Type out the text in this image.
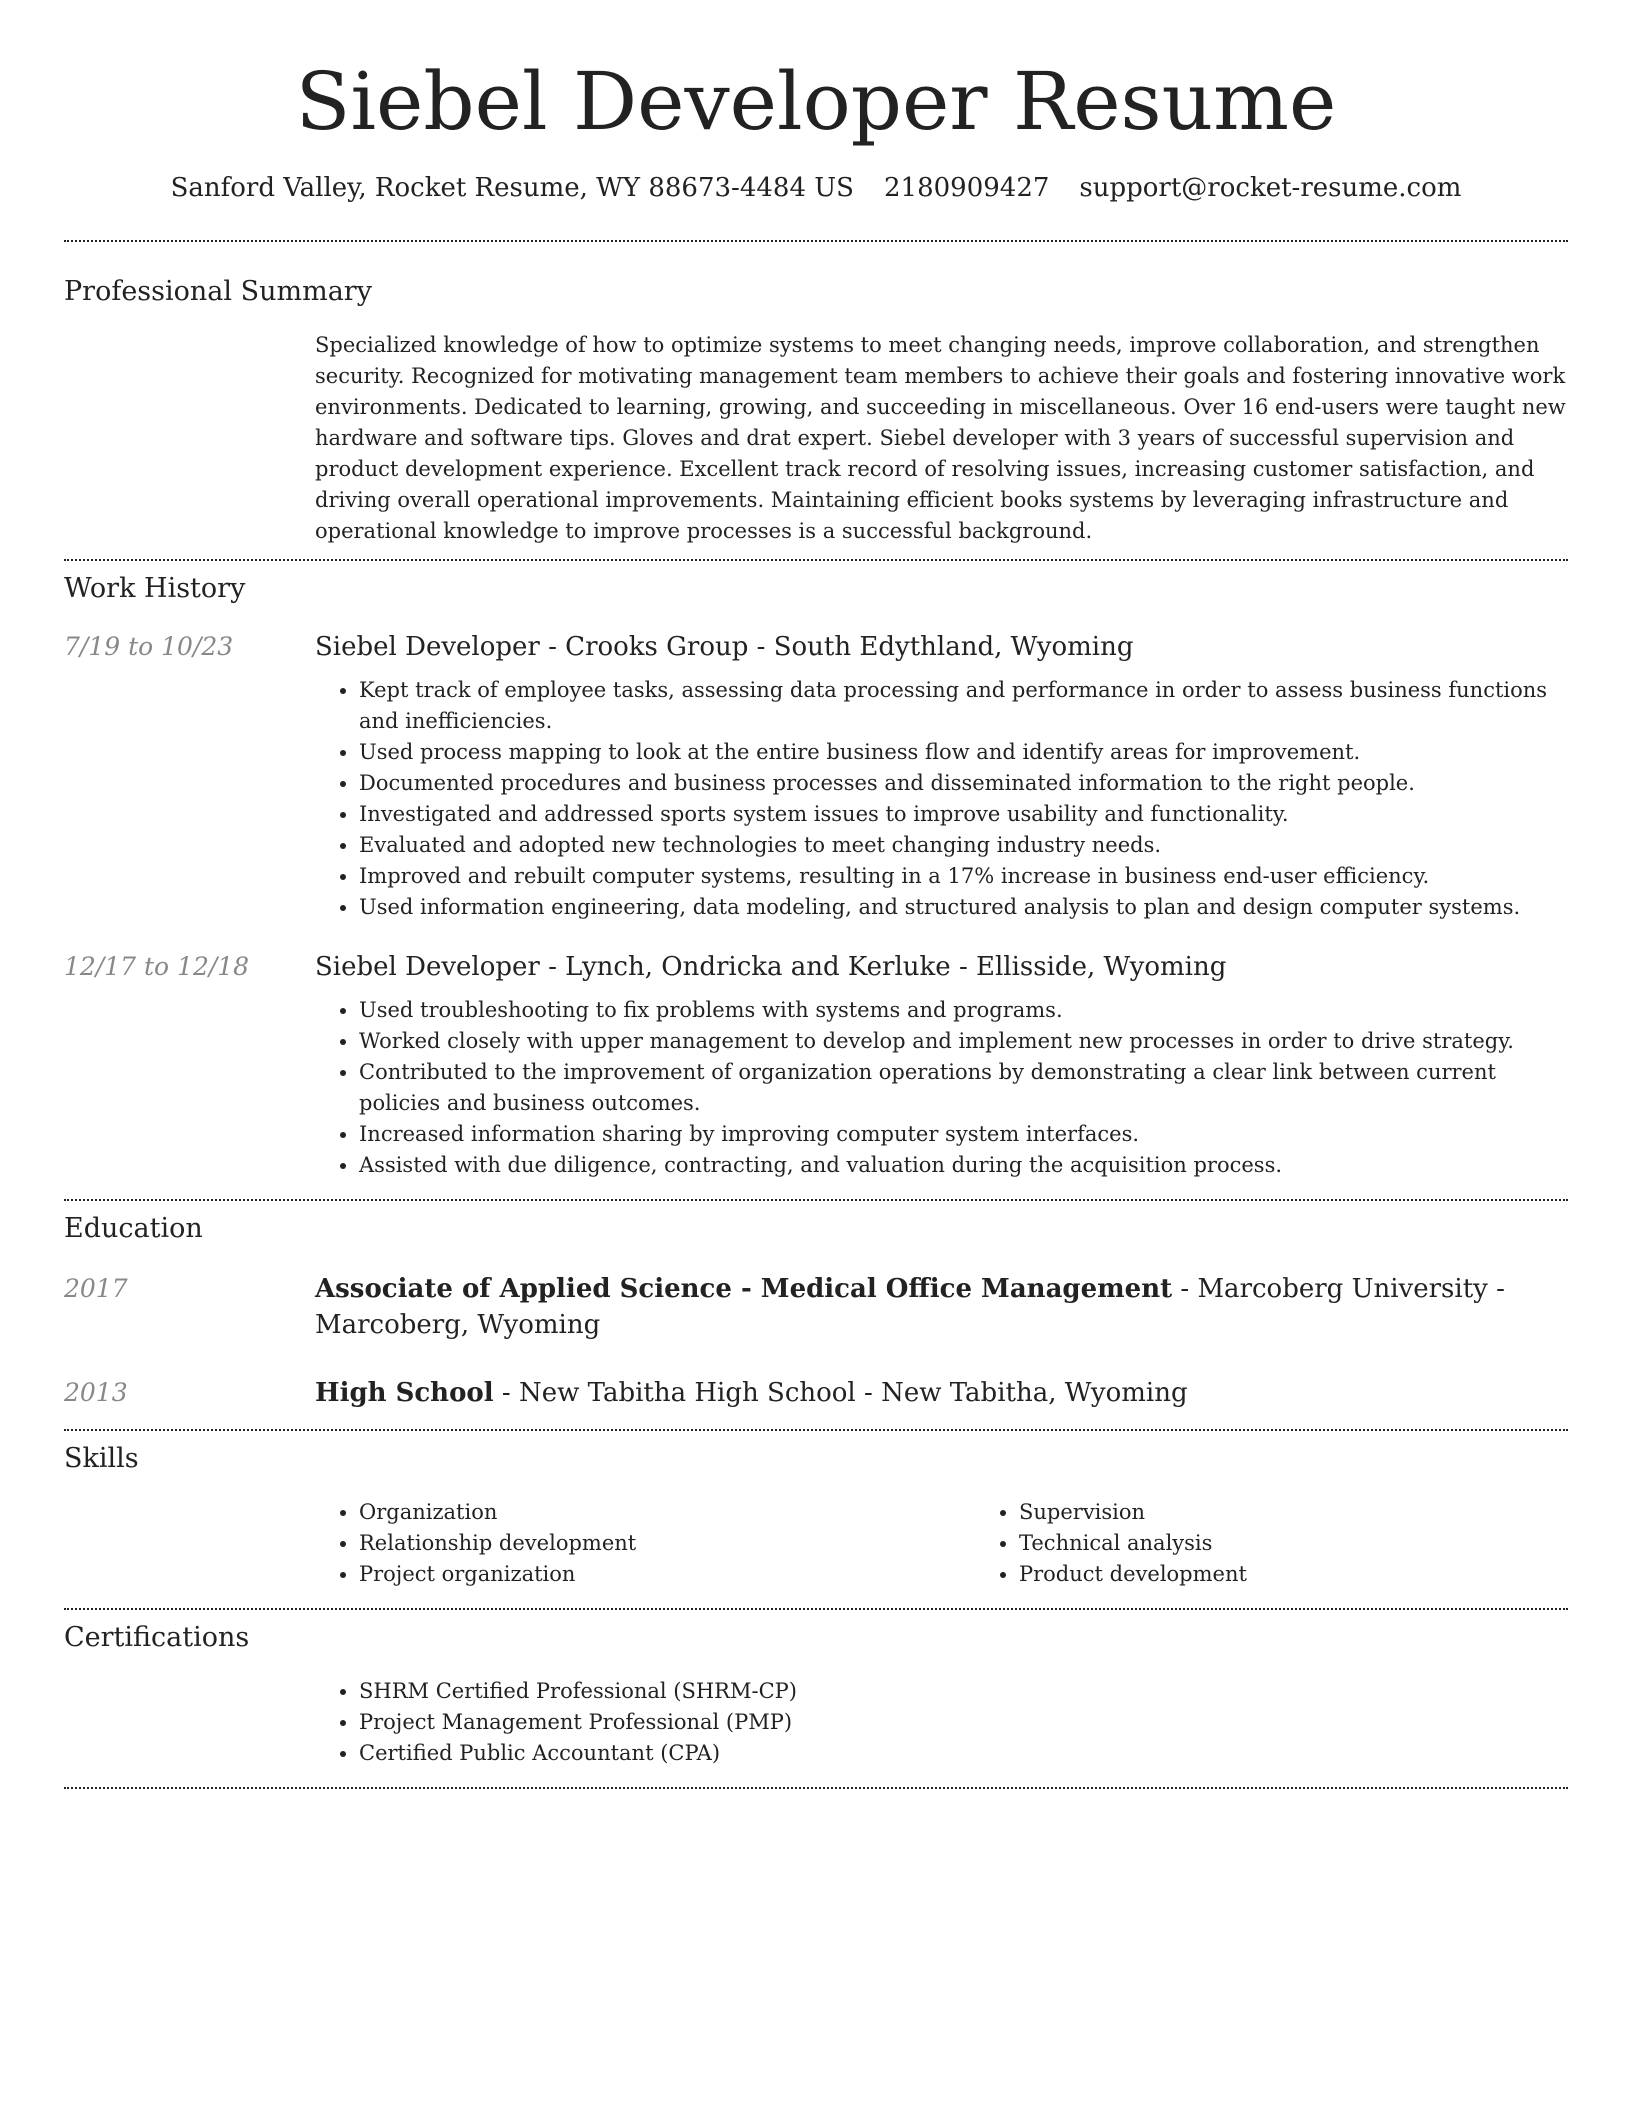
Siebel Developer Resume
Sanford Valley, Rocket Resume, WY 88673-4484 US 2180909427 support@rocket-resume.com
Professional Summary

Specialized knowledge of how to optimize systems to meet changing needs, improve collaboration, and strengthen security. Recognized for motivating management team members to achieve their goals and fostering innovative work environments. Dedicated to learning, growing, and succeeding in miscellaneous. Over 16 end-users were taught new hardware and software tips. Gloves and drat expert. Siebel developer with 3 years of successful supervision and product development experience. Excellent track record of resolving issues, increasing customer satisfaction, and driving overall operational improvements. Maintaining efficient books systems by leveraging infrastructure and operational knowledge to improve processes is a successful background.

Work History
7/19 to 10/23	Siebel Developer - Crooks Group - South Edythland, Wyoming
• Kept track of employee tasks, assessing data processing and performance in order to assess business functions and inefficiencies.
• Used process mapping to look at the entire business flow and identify areas for improvement.
• Documented procedures and business processes and disseminated information to the right people.
• Investigated and addressed sports system issues to improve usability and functionality.
• Evaluated and adopted new technologies to meet changing industry needs.
• Improved and rebuilt computer systems, resulting in a 17% increase in business end-user efficiency.
• Used information engineering, data modeling, and structured analysis to plan and design computer systems.
12/17 to 12/18	Siebel Developer - Lynch, Ondricka and Kerluke - Ellisside, Wyoming
• Used troubleshooting to fix problems with systems and programs.
• Worked closely with upper management to develop and implement new processes in order to drive strategy.
• Contributed to the improvement of organization operations by demonstrating a clear link between current policies and business outcomes.
• Increased information sharing by improving computer system interfaces.
• Assisted with due diligence, contracting, and valuation during the acquisition process.
Education
2017	Associate of Applied Science - Medical Office Management - Marcoberg University - Marcoberg, Wyoming
2013	High School - New Tabitha High School - New Tabitha, Wyoming
Skills
• Organization
• Relationship development
• Project organization
• Supervision
• Technical analysis
• Product development
Certifications
• SHRM Certified Professional (SHRM-CP)
• Project Management Professional (PMP)
• Certified Public Accountant (CPA)
